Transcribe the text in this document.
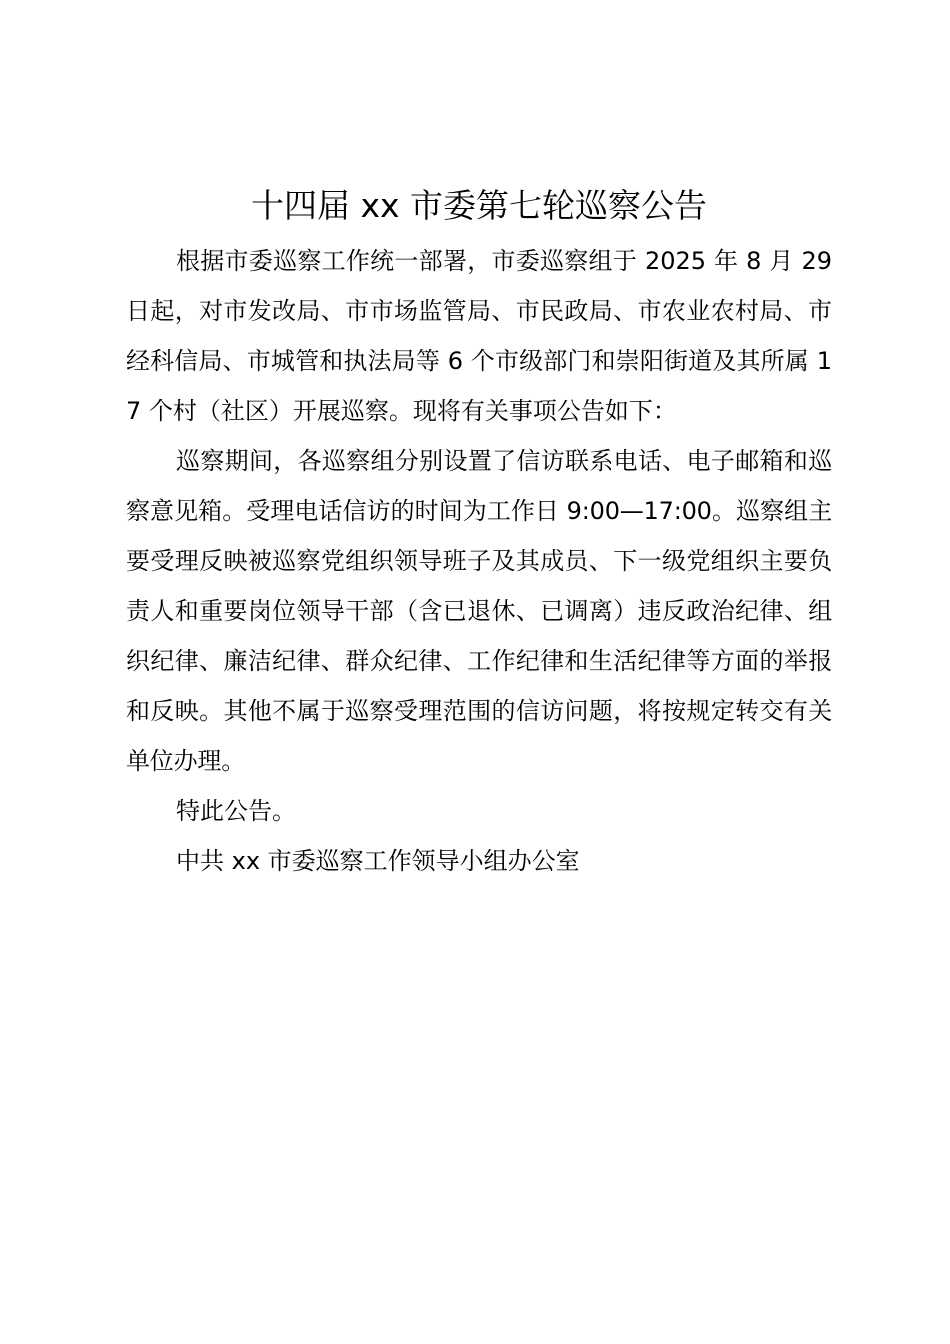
十四届 xx 市委第七轮巡察公告

根据市委巡察工作统一部署，市委巡察组于 2025 年 8 月 29 日起，对市发改局、市市场监管局、市民政局、市农业农村局、市经科信局、市城管和执法局等 6 个市级部门和崇阳街道及其所属 17 个村（社区）开展巡察。现将有关事项公告如下：

巡察期间，各巡察组分别设置了信访联系电话、电子邮箱和巡察意见箱。受理电话信访的时间为工作日 9:00—17:00。巡察组主要受理反映被巡察党组织领导班子及其成员、下一级党组织主要负责人和重要岗位领导干部（含已退休、已调离）违反政治纪律、组织纪律、廉洁纪律、群众纪律、工作纪律和生活纪律等方面的举报和反映。其他不属于巡察受理范围的信访问题，将按规定转交有关单位办理。

特此公告。

中共 xx 市委巡察工作领导小组办公室
